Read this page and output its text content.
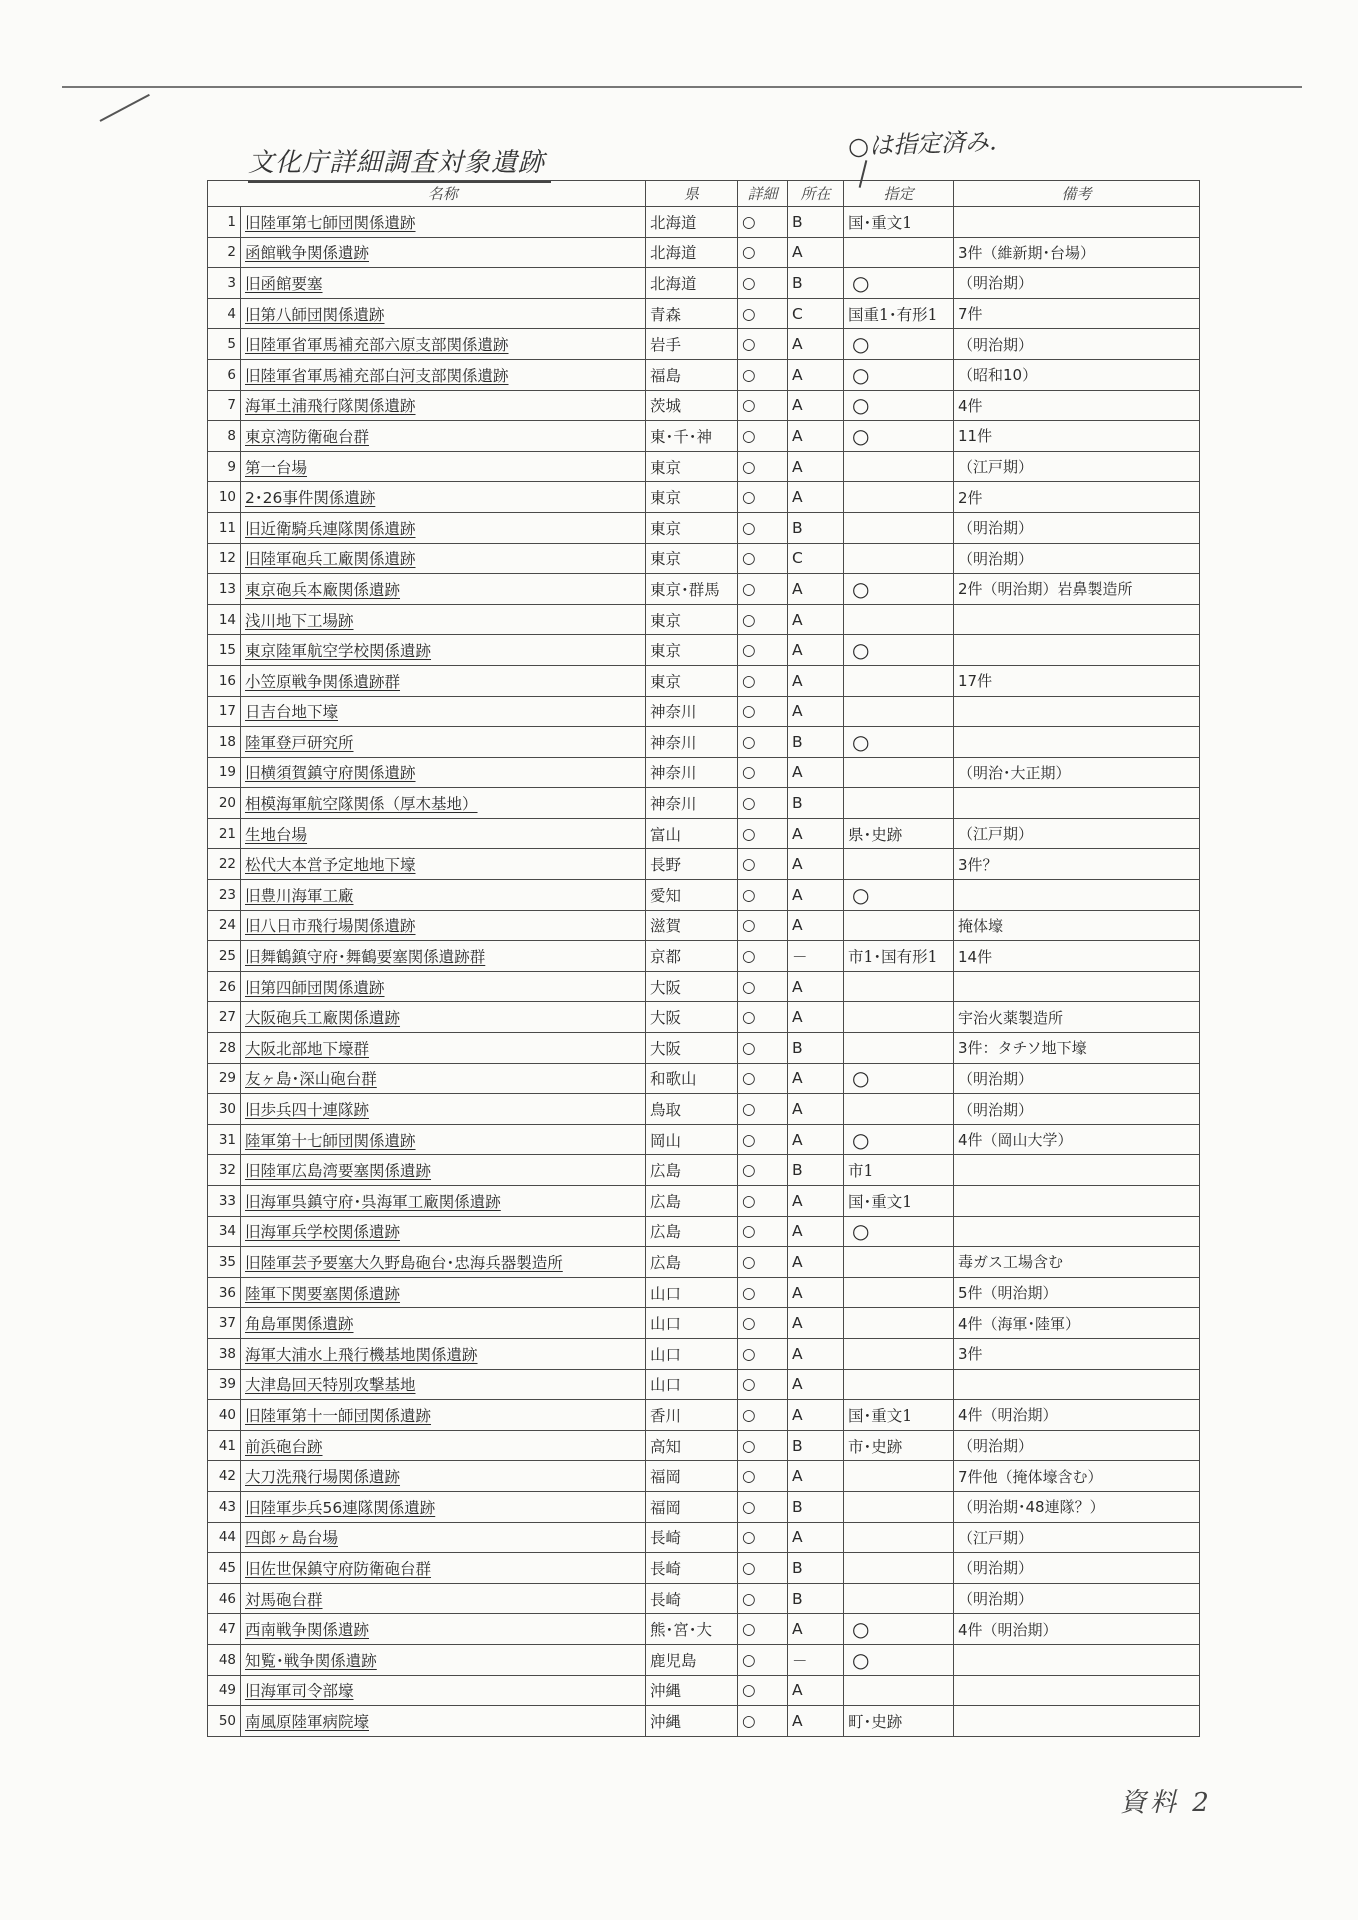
文化庁詳細調査対象遺跡
○は指定済み.
	名称	県	詳細	所在	指定	備考
1	旧陸軍第七師団関係遺跡	北海道	○	B	国･重文1	
2	函館戦争関係遺跡	北海道	○	A		3件（維新期･台場）
3	旧函館要塞	北海道	○	B	○	（明治期）
4	旧第八師団関係遺跡	青森	○	C	国重1･有形1	7件
5	旧陸軍省軍馬補充部六原支部関係遺跡	岩手	○	A	○	（明治期）
6	旧陸軍省軍馬補充部白河支部関係遺跡	福島	○	A	○	（昭和10）
7	海軍土浦飛行隊関係遺跡	茨城	○	A	○	4件
8	東京湾防衛砲台群	東･千･神	○	A	○	11件
9	第一台場	東京	○	A		（江戸期）
10	2･26事件関係遺跡	東京	○	A		2件
11	旧近衛騎兵連隊関係遺跡	東京	○	B		（明治期）
12	旧陸軍砲兵工廠関係遺跡	東京	○	C		（明治期）
13	東京砲兵本廠関係遺跡	東京･群馬	○	A	○	2件（明治期）岩鼻製造所
14	浅川地下工場跡	東京	○	A		
15	東京陸軍航空学校関係遺跡	東京	○	A	○	
16	小笠原戦争関係遺跡群	東京	○	A		17件
17	日吉台地下壕	神奈川	○	A		
18	陸軍登戸研究所	神奈川	○	B	○	
19	旧横須賀鎮守府関係遺跡	神奈川	○	A		（明治･大正期）
20	相模海軍航空隊関係（厚木基地）	神奈川	○	B		
21	生地台場	富山	○	A	県･史跡	（江戸期）
22	松代大本営予定地地下壕	長野	○	A		3件？
23	旧豊川海軍工廠	愛知	○	A	○	
24	旧八日市飛行場関係遺跡	滋賀	○	A		掩体壕
25	旧舞鶴鎮守府･舞鶴要塞関係遺跡群	京都	○	－	市1･国有形1	14件
26	旧第四師団関係遺跡	大阪	○	A		
27	大阪砲兵工廠関係遺跡	大阪	○	A		宇治火薬製造所
28	大阪北部地下壕群	大阪	○	B		3件：タチソ地下壕
29	友ヶ島･深山砲台群	和歌山	○	A	○	（明治期）
30	旧歩兵四十連隊跡	鳥取	○	A		（明治期）
31	陸軍第十七師団関係遺跡	岡山	○	A	○	4件（岡山大学）
32	旧陸軍広島湾要塞関係遺跡	広島	○	B	市1	
33	旧海軍呉鎮守府･呉海軍工廠関係遺跡	広島	○	A	国･重文1	
34	旧海軍兵学校関係遺跡	広島	○	A	○	
35	旧陸軍芸予要塞大久野島砲台･忠海兵器製造所	広島	○	A		毒ガス工場含む
36	陸軍下関要塞関係遺跡	山口	○	A		5件（明治期）
37	角島軍関係遺跡	山口	○	A		4件（海軍･陸軍）
38	海軍大浦水上飛行機基地関係遺跡	山口	○	A		3件
39	大津島回天特別攻撃基地	山口	○	A		
40	旧陸軍第十一師団関係遺跡	香川	○	A	国･重文1	4件（明治期）
41	前浜砲台跡	高知	○	B	市･史跡	（明治期）
42	大刀洗飛行場関係遺跡	福岡	○	A		7件他（掩体壕含む）
43	旧陸軍歩兵56連隊関係遺跡	福岡	○	B		（明治期･48連隊？）
44	四郎ヶ島台場	長崎	○	A		（江戸期）
45	旧佐世保鎮守府防衛砲台群	長崎	○	B		（明治期）
46	対馬砲台群	長崎	○	B		（明治期）
47	西南戦争関係遺跡	熊･宮･大	○	A	○	4件（明治期）
48	知覧･戦争関係遺跡	鹿児島	○	－	○	
49	旧海軍司令部壕	沖縄	○	A		
50	南風原陸軍病院壕	沖縄	○	A	町･史跡	
資料 2
